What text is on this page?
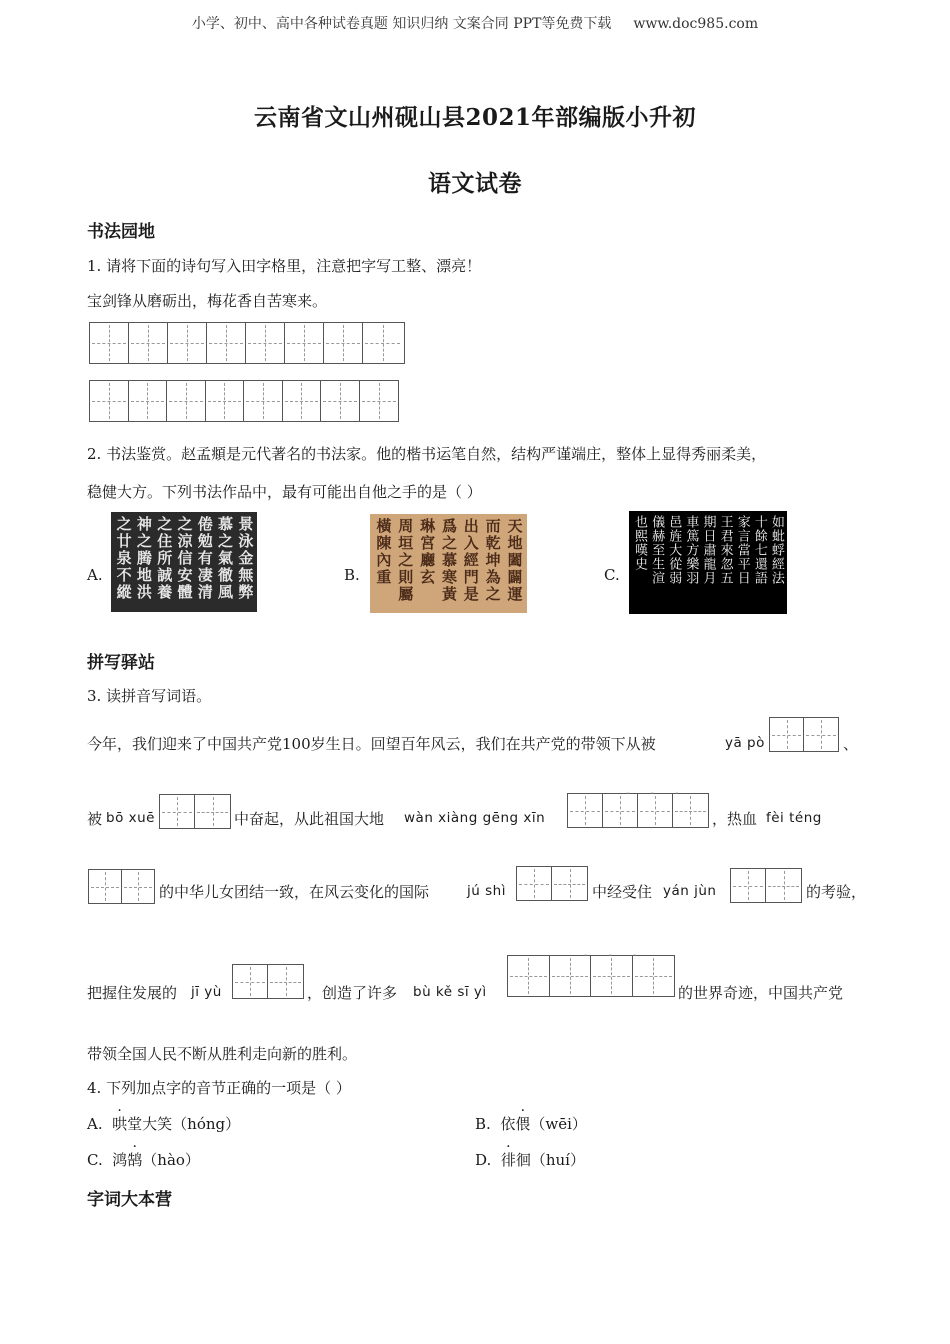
小学、初中、高中各种试卷真题 知识归纳 文案合同 PPT等免费下载 www.doc985.com
云南省文山州砚山县2021年部编版小升初
语文试卷
书法园地
1. 请将下面的诗句写入田字格里，注意把字写工整、漂亮！
宝剑锋从磨砺出，梅花香自苦寒来。
2. 书法鉴赏。赵孟頫是元代著名的书法家。他的楷书运笔自然，结构严谨端庄，整体上显得秀丽柔美，
稳健大方。下列书法作品中，最有可能出自他之手的是（ ）
A.	景泳金無弊
慕之氣徹風
倦勉有凄清
之涼信安體
之住所誠養
神之腾地洪
之廿泉不縱	B.	天地闔闢運
而乾坤為之
出入經門是
爲之慕寒黃
琳宮廳玄
周垣之則屬
橫陳內重	C.	如蚍蜉經法
十餘七還語
家言當平日
王君來忽五
期日肅龍月
車篤方樂羽
邑旌大從弱
儀赫至生渲
也熙嘆史
拼写驿站
3. 读拼音写词语。
今年，我们迎来了中国共产党100岁生日。回望百年风云，我们在共产党的带领下从被	yā pò	、
被 bō xuē	中奋起，从此祖国大地 wàn xiàng gēng xīn
- - -
，热血 fèi téng
的中华儿女团结一致，在风云变化的国际	jú shì	中经受住 yán jùn	的考验，
把握住发展的 jī yù	，创造了许多 bù kě sī yì
- - -
的世界奇迹，中国共产党
带领全国人民不断从胜利走向新的胜利。
4. 下列加点字的音节正确的一项是（ ）
A. 哄堂大笑（hóng）	B. 依偎（wēi）
C. 鸿鹄（hào）	D. 徘徊（huí）
字词大本营
